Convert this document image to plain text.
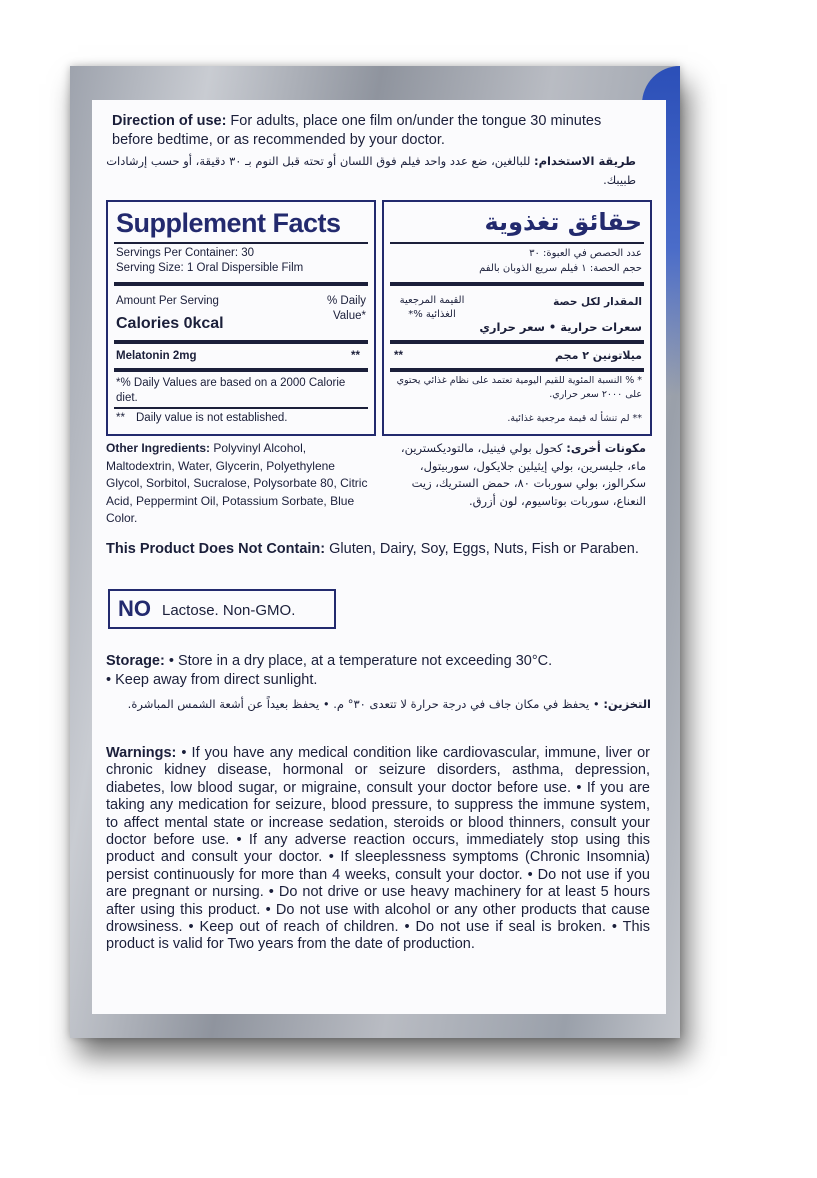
Direction of use: For adults, place one film on/under the tongue 30 minutes before bedtime, or as recommended by your doctor.
طريقة الاستخدام: للبالغين، ضع عدد واحد فيلم فوق اللسان أو تحته قبل النوم بـ ٣٠ دقيقة، أو حسب إرشادات طبيبك.
Supplement Facts
Servings Per Container: 30
Serving Size: 1 Oral Dispersible Film
Amount Per Serving	% Daily Value*
Calories 0kcal
Melatonin 2mg	**
*% Daily Values are based on a 2000 Calorie diet.
** Daily value is not established.
حقائق تغذوية
عدد الحصص في العبوة: ٣٠
حجم الحصة: ١ فيلم سريع الذوبان بالفم
المقدار لكل حصة
القيمة المرجعية الغذائية %*
سعرات حرارية • سعر حراري
ميلاتونين ٢ مجم
**
* % النسبة المئوية للقيم اليومية تعتمد على نظام غذائي يحتوي على ٢٠٠٠ سعر حراري.
** لم تنشأ له قيمة مرجعية غذائية.
Other Ingredients: Polyvinyl Alcohol, Maltodextrin, Water, Glycerin, Polyethylene Glycol, Sorbitol, Sucralose, Polysorbate 80, Citric Acid, Peppermint Oil, Potassium Sorbate, Blue Color.
مكونات أخرى: كحول بولي فينيل، مالتوديكسترين، ماء، جليسرين، بولي إيثيلين جلايكول، سوربيتول، سكرالوز، بولي سوربات ٨٠، حمض الستريك، زيت النعناع، سوربات بوتاسيوم، لون أزرق.
This Product Does Not Contain: Gluten, Dairy, Soy, Eggs, Nuts, Fish or Paraben.
NO Lactose. Non-GMO.
Storage: • Store in a dry place, at a temperature not exceeding 30°C.
• Keep away from direct sunlight.
التخزين: • يحفظ في مكان جاف في درجة حرارة لا تتعدى ٣٠° م. • يحفظ بعيداً عن أشعة الشمس المباشرة.
Warnings: • If you have any medical condition like cardiovascular, immune, liver or chronic kidney disease, hormonal or seizure disorders, asthma, depression, diabetes, low blood sugar, or migraine, consult your doctor before use. • If you are taking any medication for seizure, blood pressure, to suppress the immune system, to affect mental state or increase sedation, steroids or blood thinners, consult your doctor before use. • If any adverse reaction occurs, immediately stop using this product and consult your doctor. • If sleeplessness symptoms (Chronic Insomnia) persist continuously for more than 4 weeks, consult your doctor. • Do not use if you are pregnant or nursing. • Do not drive or use heavy machinery for at least 5 hours after using this product. • Do not use with alcohol or any other products that cause drowsiness. • Keep out of reach of children. • Do not use if seal is broken. • This product is valid for Two years from the date of production.
